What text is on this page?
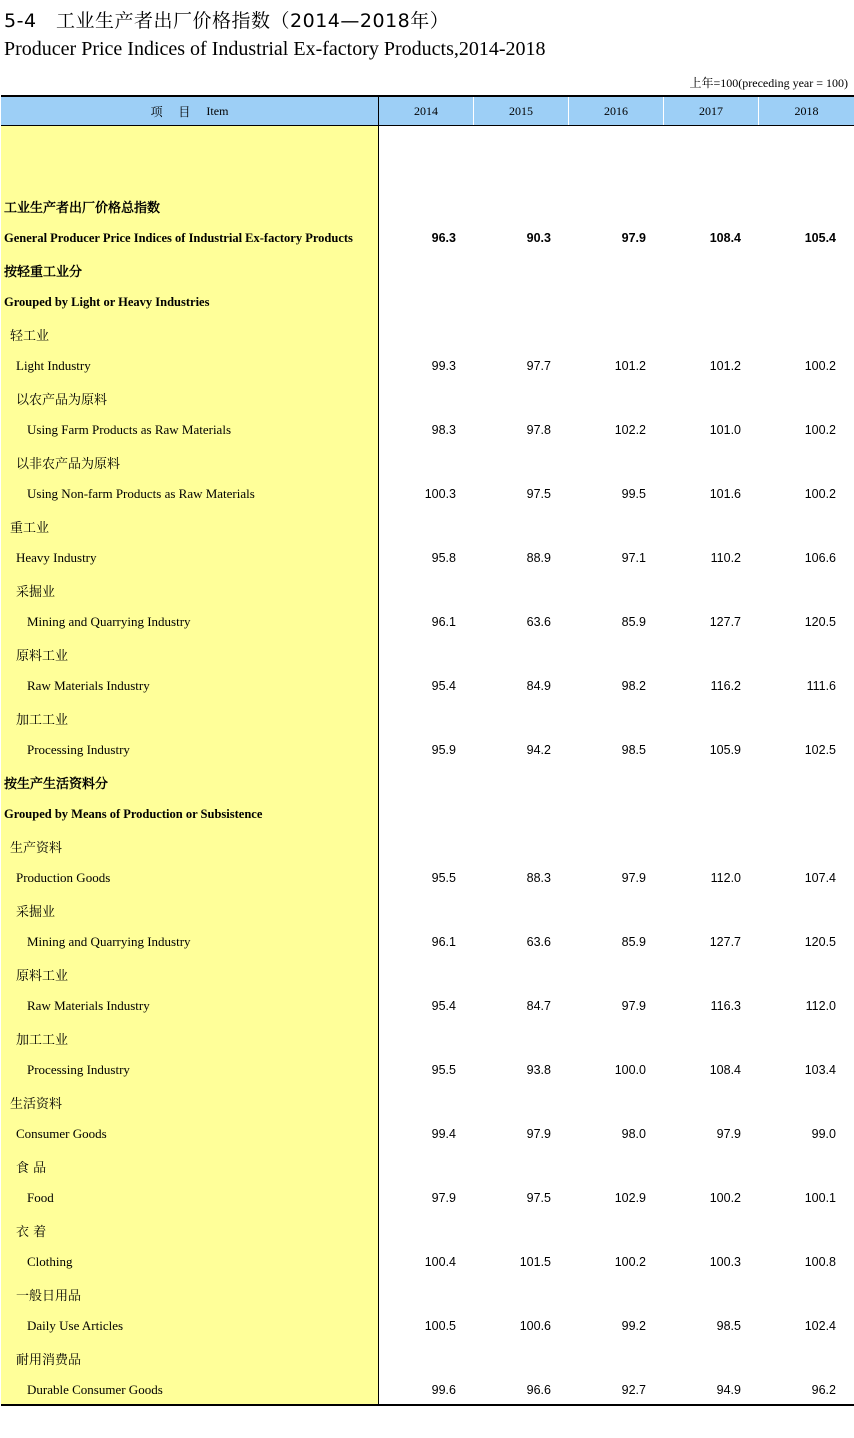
5-4　工业生产者出厂价格指数（2014—2018年）
Producer Price Indices of Industrial Ex-factory Products,2014-2018
上年=100(preceding year = 100)
项 目 Item	2014	2015	2016	2017	2018
工业生产者出厂价格总指数
General Producer Price Indices of Industrial Ex-factory Products	96.3	90.3	97.9	108.4	105.4
按轻重工业分
Grouped by Light or Heavy Industries
轻工业
Light Industry	99.3	97.7	101.2	101.2	100.2
以农产品为原料
Using Farm Products as Raw Materials	98.3	97.8	102.2	101.0	100.2
以非农产品为原料
Using Non-farm Products as Raw Materials	100.3	97.5	99.5	101.6	100.2
重工业
Heavy Industry	95.8	88.9	97.1	110.2	106.6
采掘业
Mining and Quarrying Industry	96.1	63.6	85.9	127.7	120.5
原料工业
Raw Materials Industry	95.4	84.9	98.2	116.2	111.6
加工工业
Processing Industry	95.9	94.2	98.5	105.9	102.5
按生产生活资料分
Grouped by Means of Production or Subsistence
生产资料
Production Goods	95.5	88.3	97.9	112.0	107.4
采掘业
Mining and Quarrying Industry	96.1	63.6	85.9	127.7	120.5
原料工业
Raw Materials Industry	95.4	84.7	97.9	116.3	112.0
加工工业
Processing Industry	95.5	93.8	100.0	108.4	103.4
生活资料
Consumer Goods	99.4	97.9	98.0	97.9	99.0
食 品
Food	97.9	97.5	102.9	100.2	100.1
衣 着
Clothing	100.4	101.5	100.2	100.3	100.8
一般日用品
Daily Use Articles	100.5	100.6	99.2	98.5	102.4
耐用消费品
Durable Consumer Goods	99.6	96.6	92.7	94.9	96.2
